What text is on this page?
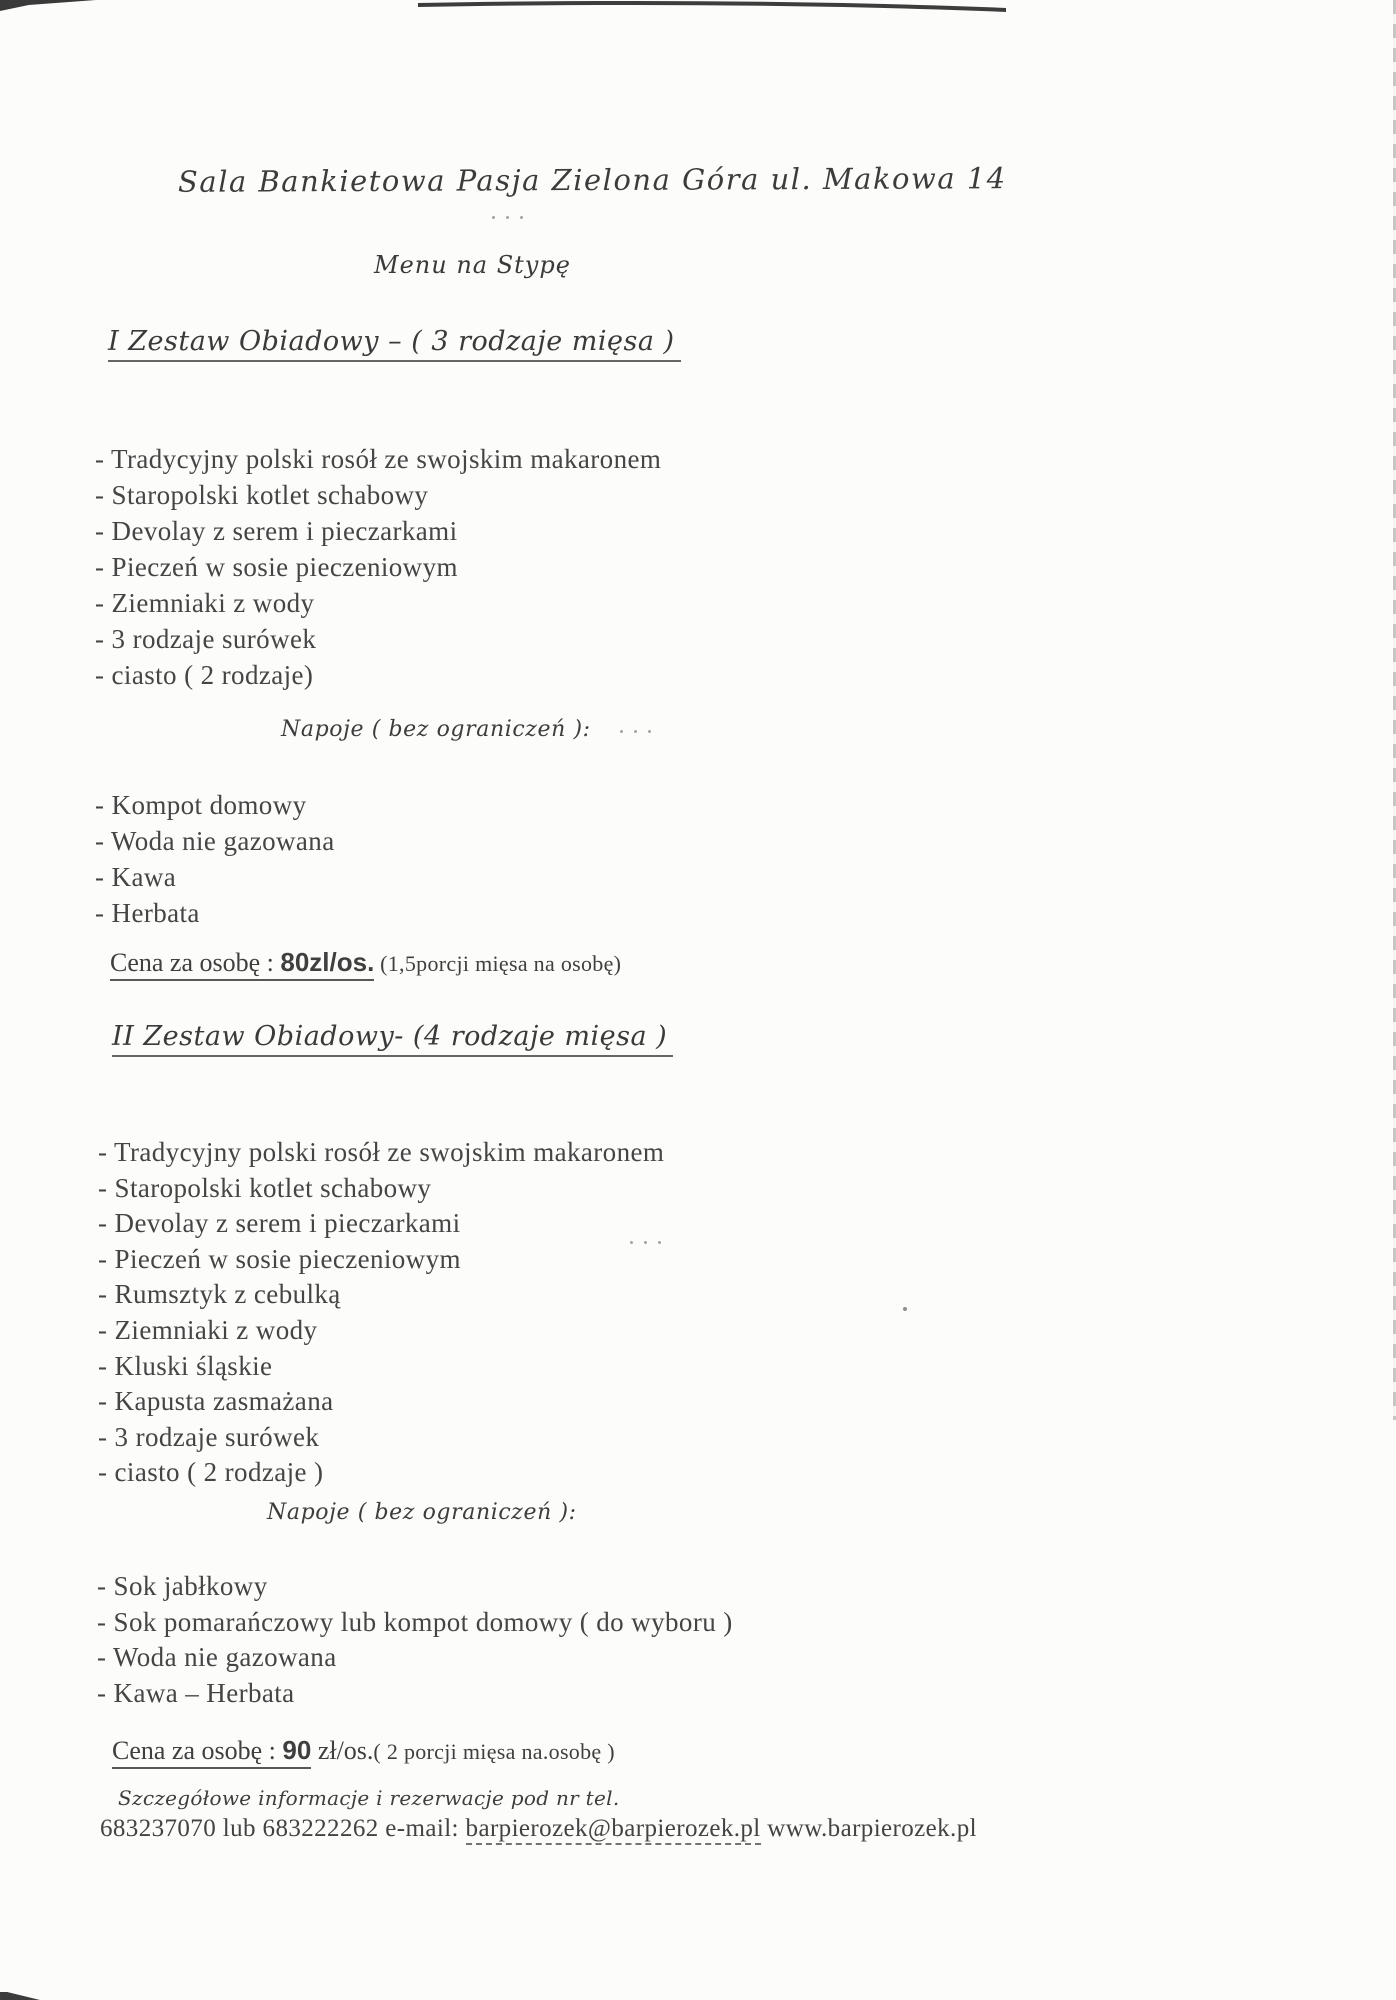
Sala Bankietowa Pasja Zielona Góra ul. Makowa 14
Menu na Stypę
I Zestaw Obiadowy – ( 3 rodzaje mięsa )
- Tradycyjny polski rosół ze swojskim makaronem
- Staropolski kotlet schabowy
- Devolay z serem i pieczarkami
- Pieczeń w sosie pieczeniowym
- Ziemniaki z wody
- 3 rodzaje surówek
- ciasto ( 2 rodzaje)
Napoje ( bez ograniczeń ):
- Kompot domowy
- Woda nie gazowana
- Kawa
- Herbata
Cena za osobę : 80zl/os. (1,5porcji mięsa na osobę)
II Zestaw Obiadowy- (4 rodzaje mięsa )
- Tradycyjny polski rosół ze swojskim makaronem
- Staropolski kotlet schabowy
- Devolay z serem i pieczarkami
- Pieczeń w sosie pieczeniowym
- Rumsztyk z cebulką
- Ziemniaki z wody
- Kluski śląskie
- Kapusta zasmażana
- 3 rodzaje surówek
- ciasto ( 2 rodzaje )
Napoje ( bez ograniczeń ):
- Sok jabłkowy
- Sok pomarańczowy lub kompot domowy ( do wyboru )
- Woda nie gazowana
- Kawa – Herbata
Cena za osobę : 90 zł/os.( 2 porcji mięsa na.osobę )
Szczegółowe informacje i rezerwacje pod nr tel.
683237070 lub 683222262 e-mail: barpierozek@barpierozek.pl www.barpierozek.pl
